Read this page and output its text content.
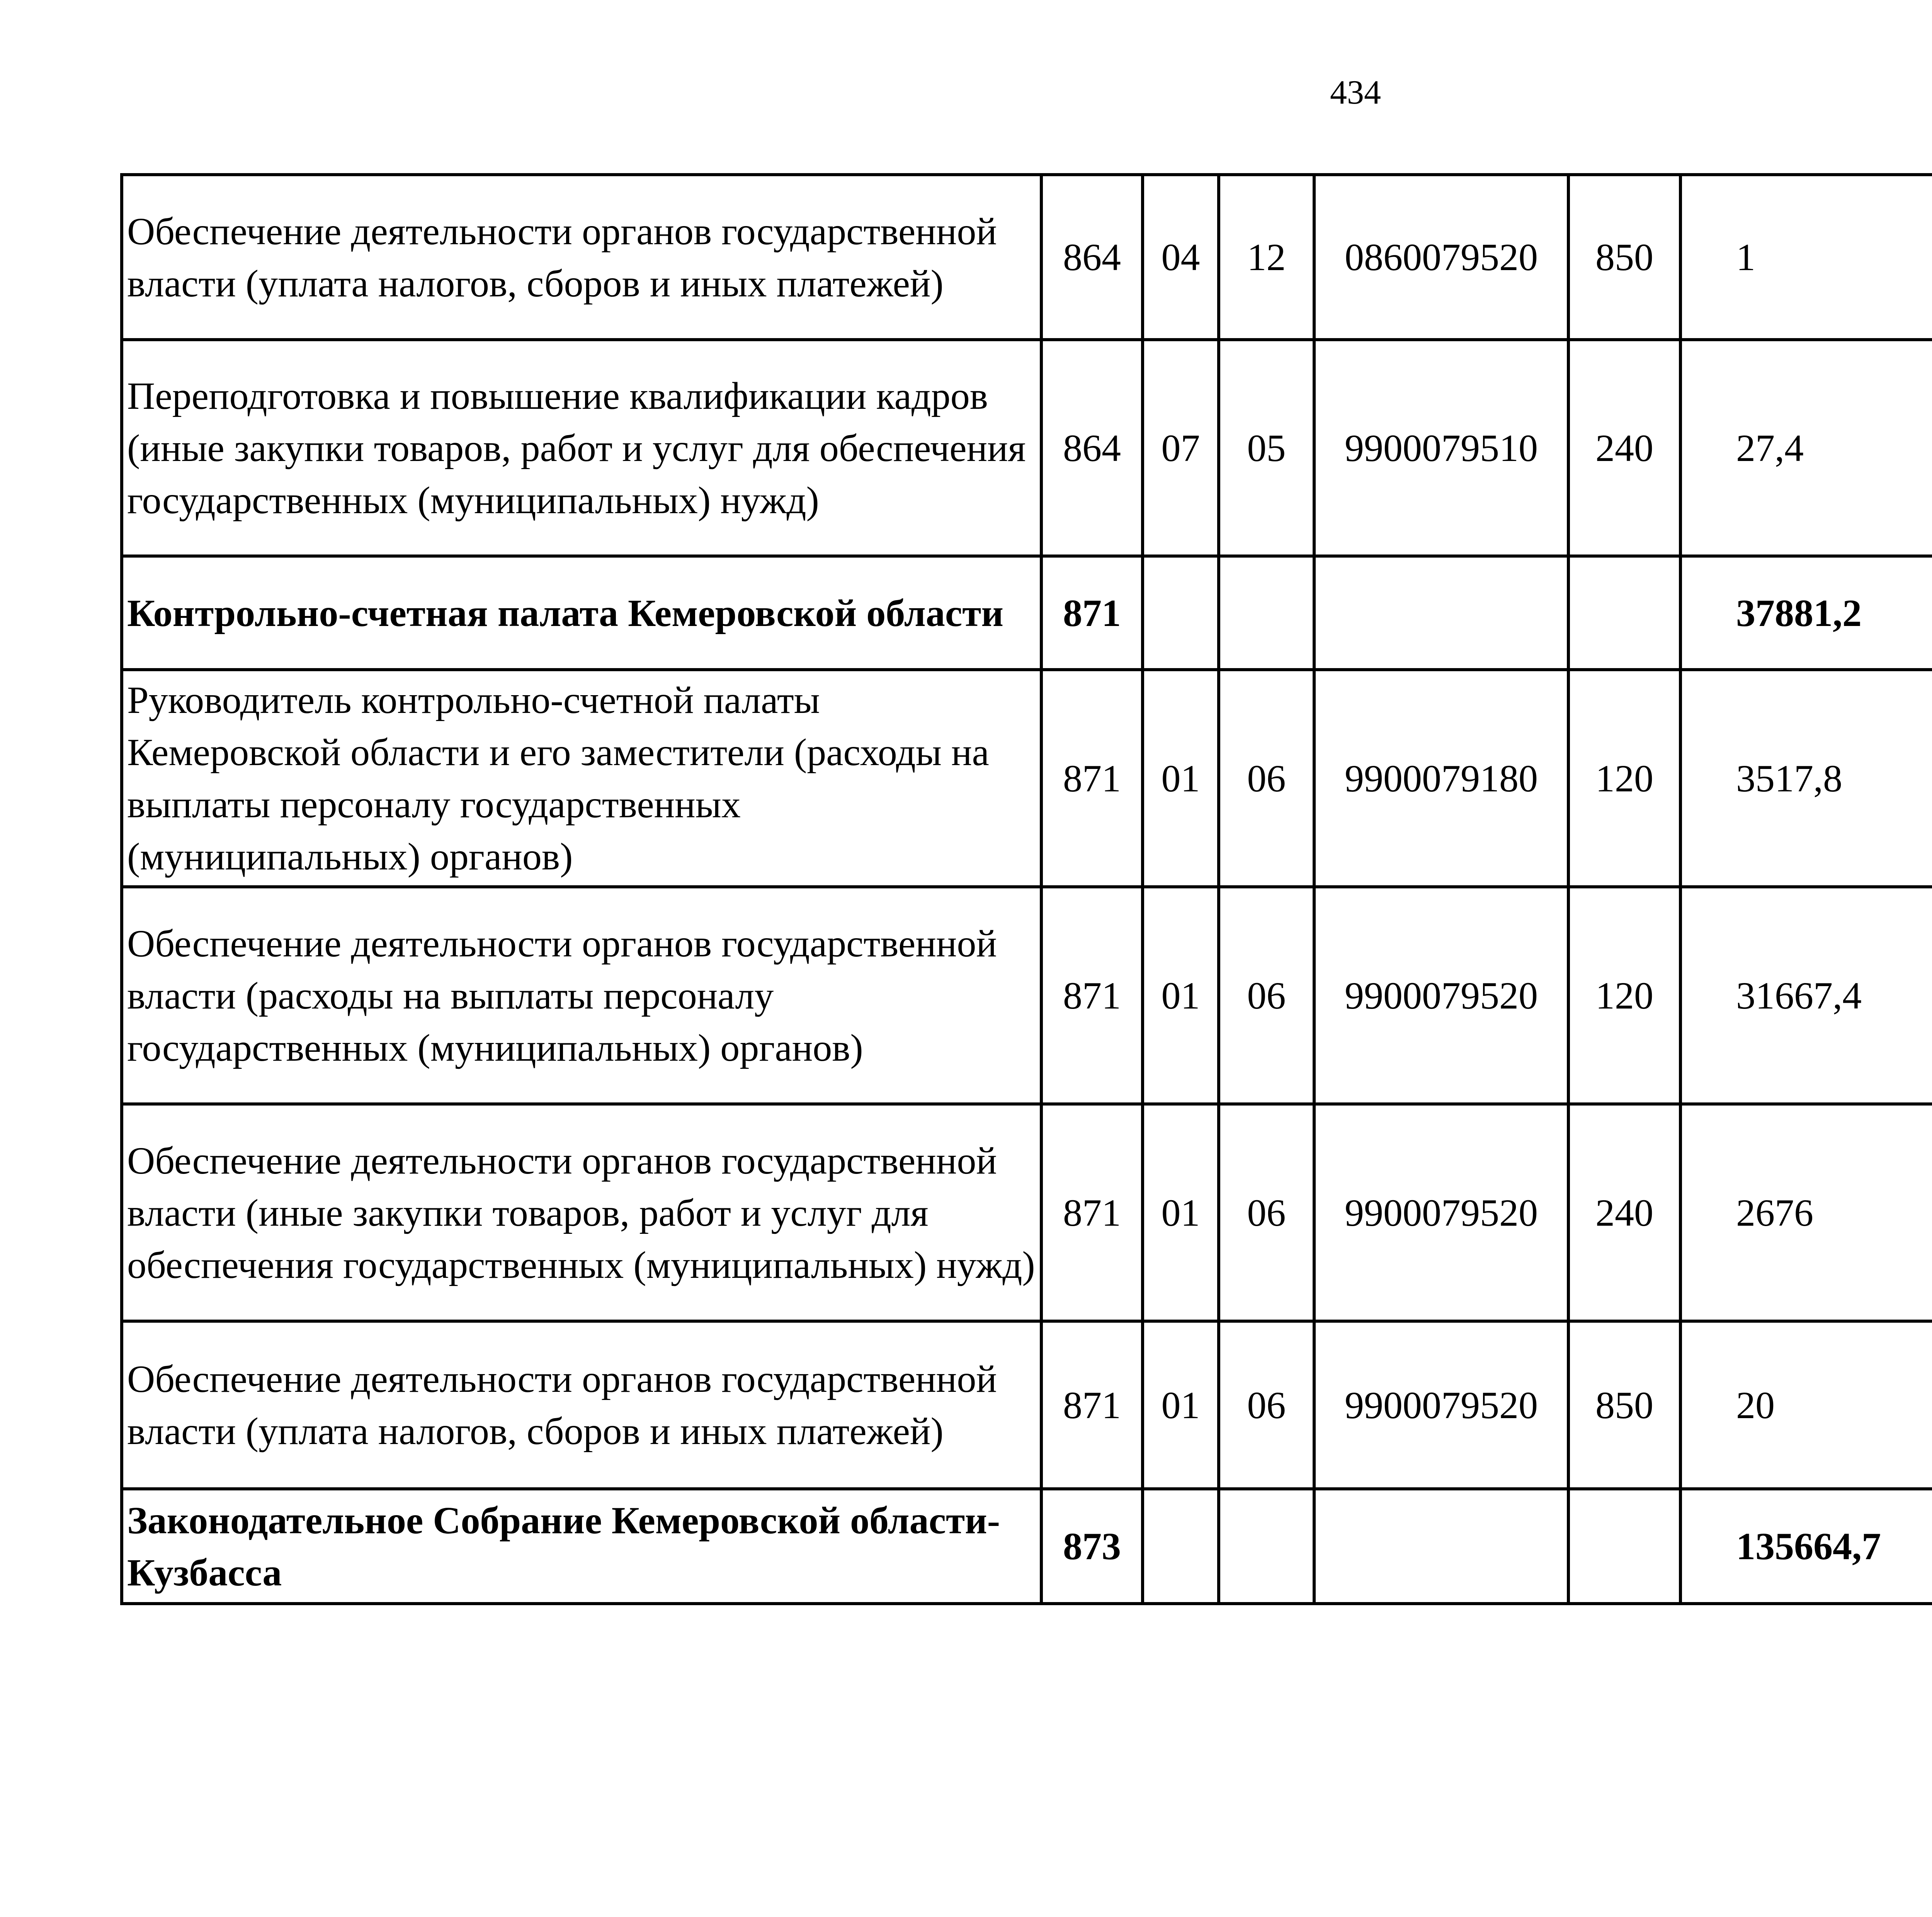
434
Обеспечение деятельности органов государственной власти (уплата налогов, сборов и иных платежей)	864	04	12	0860079520	850	1		
Переподготовка и повышение квалификации кадров (иные закупки товаров, работ и услуг для обеспечения государственных (муниципальных) нужд)	864	07	05	9900079510	240	27,4		
Контрольно-счетная палата Кемеровской области	871					37881,2		
Руководитель контрольно-счетной палаты Кемеровской области и его заместители (расходы на выплаты персоналу государственных (муниципальных) органов)	871	01	06	9900079180	120	3517,8		
Обеспечение деятельности органов государственной власти (расходы на выплаты персоналу государственных (муниципальных) органов)	871	01	06	9900079520	120	31667,4		
Обеспечение деятельности органов государственной власти (иные закупки товаров, работ и услуг для обеспечения государственных (муниципальных) нужд)	871	01	06	9900079520	240	2676		
Обеспечение деятельности органов государственной власти (уплата налогов, сборов и иных платежей)	871	01	06	9900079520	850	20		
Законодательное Собрание Кемеровской области-Кузбасса	873					135664,7		
